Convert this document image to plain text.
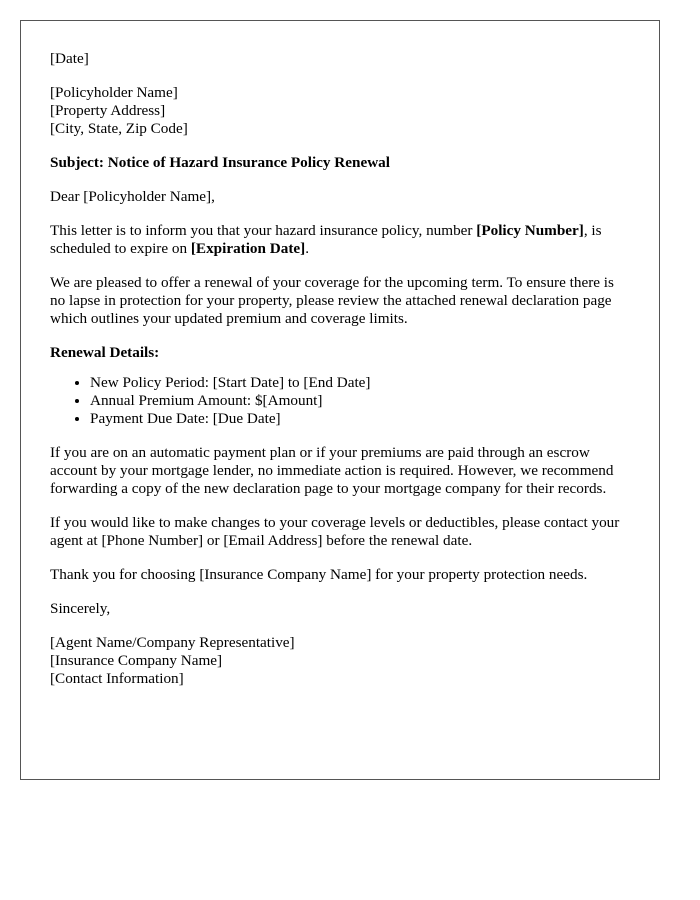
[Date]

[Policyholder Name]
[Property Address]
[City, State, Zip Code]

Subject: Notice of Hazard Insurance Policy Renewal

Dear [Policyholder Name],

This letter is to inform you that your hazard insurance policy, number [Policy Number], is scheduled to expire on [Expiration Date].

We are pleased to offer a renewal of your coverage for the upcoming term. To ensure there is no lapse in protection for your property, please review the attached renewal declaration page which outlines your updated premium and coverage limits.

Renewal Details:

• New Policy Period: [Start Date] to [End Date]
• Annual Premium Amount: $[Amount]
• Payment Due Date: [Due Date]

If you are on an automatic payment plan or if your premiums are paid through an escrow account by your mortgage lender, no immediate action is required. However, we recommend forwarding a copy of the new declaration page to your mortgage company for their records.

If you would like to make changes to your coverage levels or deductibles, please contact your agent at [Phone Number] or [Email Address] before the renewal date.

Thank you for choosing [Insurance Company Name] for your property protection needs.

Sincerely,

[Agent Name/Company Representative]
[Insurance Company Name]
[Contact Information]
